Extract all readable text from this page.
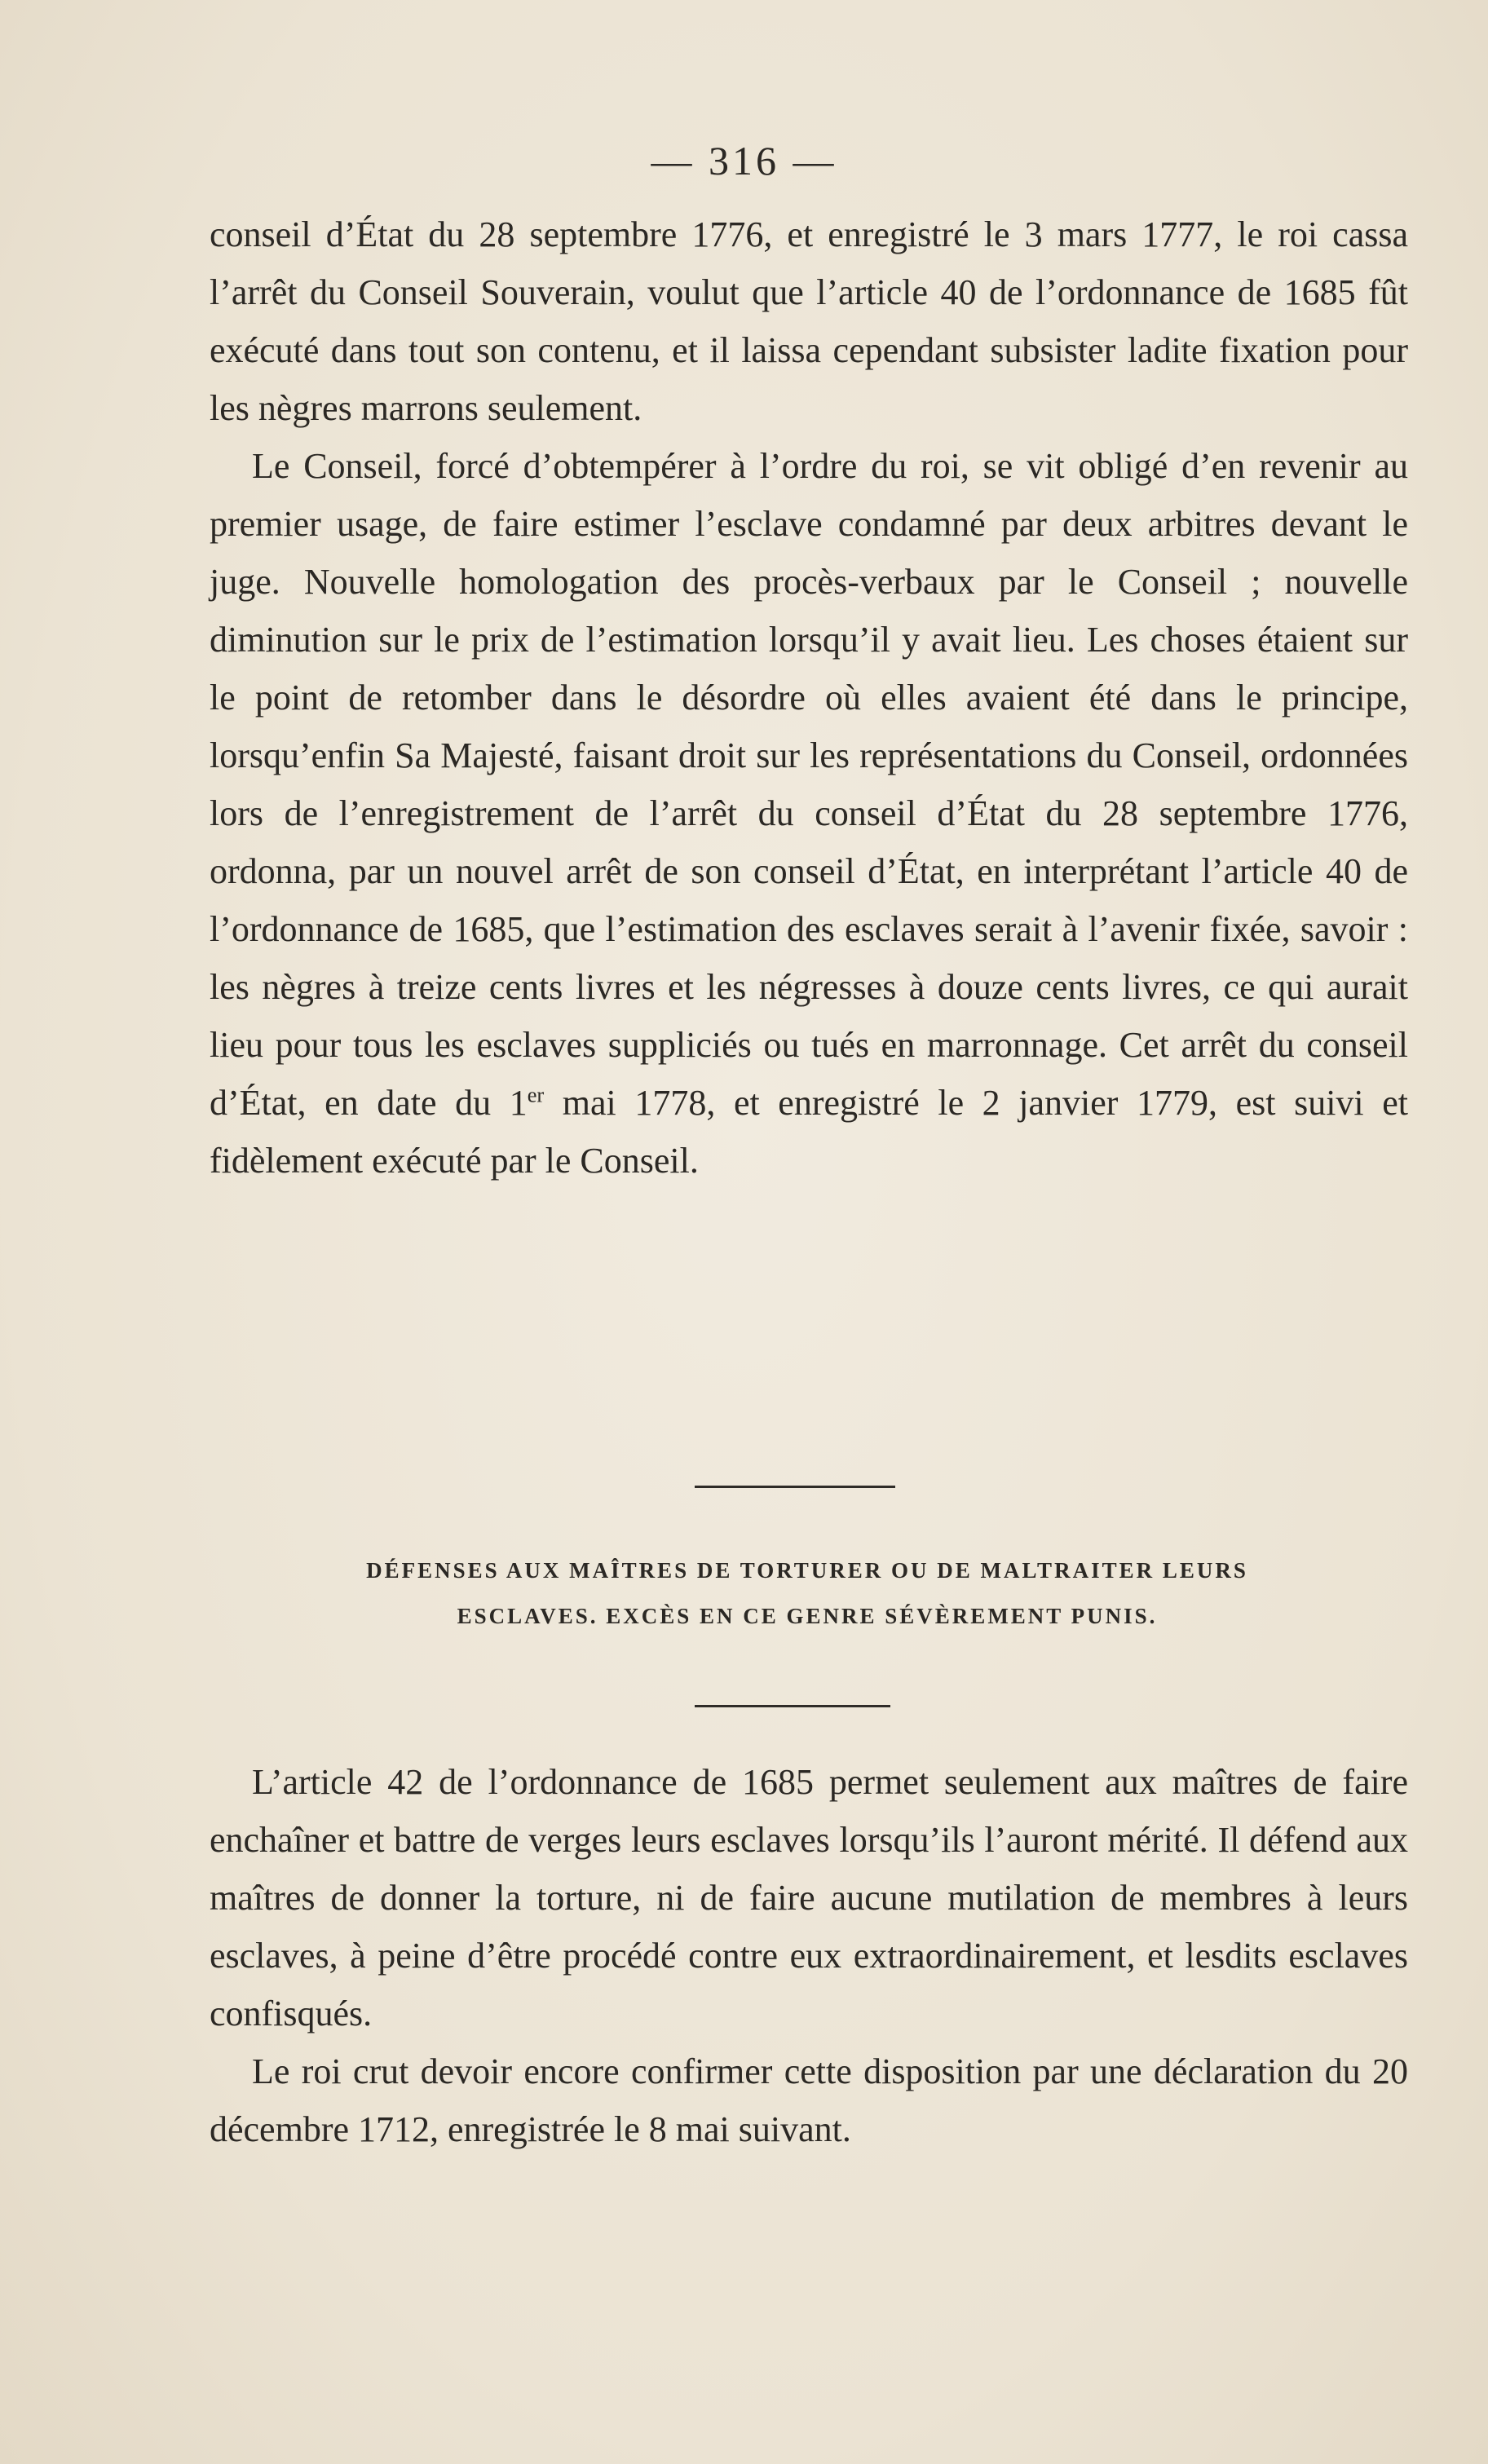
— 316 —

conseil d’État du 28 septembre 1776, et enregistré le 3 mars 1777, le roi cassa l’arrêt du Conseil Souverain, voulut que l’article 40 de l’ordonnance de 1685 fût exécuté dans tout son contenu, et il laissa cependant subsister ladite fixation pour les nègres marrons seulement.

Le Conseil, forcé d’obtempérer à l’ordre du roi, se vit obligé d’en revenir au premier usage, de faire estimer l’esclave condamné par deux arbitres devant le juge. Nouvelle homologation des procès-verbaux par le Conseil ; nouvelle diminution sur le prix de l’estimation lorsqu’il y avait lieu. Les choses étaient sur le point de retomber dans le désordre où elles avaient été dans le principe, lorsqu’enfin Sa Majesté, faisant droit sur les représentations du Conseil, ordonnées lors de l’enregistrement de l’arrêt du conseil d’État du 28 septembre 1776, ordonna, par un nouvel arrêt de son conseil d’État, en interprétant l’article 40 de l’ordonnance de 1685, que l’estimation des esclaves serait à l’avenir fixée, savoir : les nègres à treize cents livres et les négresses à douze cents livres, ce qui aurait lieu pour tous les esclaves suppliciés ou tués en marronnage. Cet arrêt du conseil d’État, en date du 1er mai 1778, et enregistré le 2 janvier 1779, est suivi et fidèlement exécuté par le Conseil.

DÉFENSES AUX MAÎTRES DE TORTURER OU DE MALTRAITER LEURS
ESCLAVES. EXCÈS EN CE GENRE SÉVÈREMENT PUNIS.

L’article 42 de l’ordonnance de 1685 permet seulement aux maîtres de faire enchaîner et battre de verges leurs esclaves lorsqu’ils l’auront mérité. Il défend aux maîtres de donner la torture, ni de faire aucune mutilation de membres à leurs esclaves, à peine d’être procédé contre eux extraordinairement, et lesdits esclaves confisqués.

Le roi crut devoir encore confirmer cette disposition par une déclaration du 20 décembre 1712, enregistrée le 8 mai suivant.
